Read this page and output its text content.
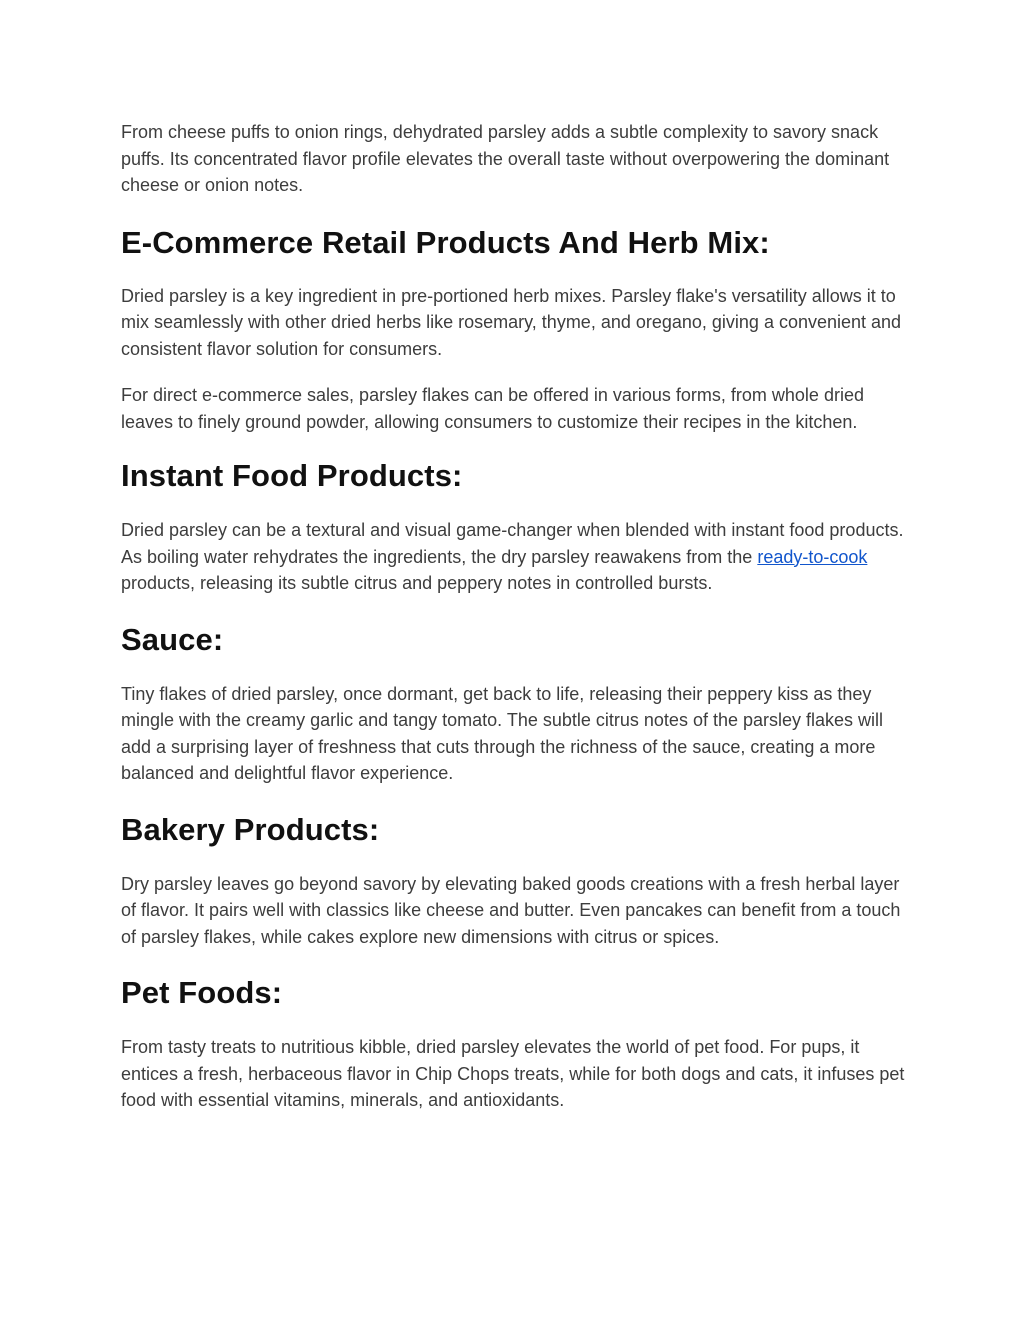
From cheese puffs to onion rings, dehydrated parsley adds a subtle complexity to savory snack puffs. Its concentrated flavor profile elevates the overall taste without overpowering the dominant cheese or onion notes.

E-Commerce Retail Products And Herb Mix:

Dried parsley is a key ingredient in pre-portioned herb mixes. Parsley flake's versatility allows it to mix seamlessly with other dried herbs like rosemary, thyme, and oregano, giving a convenient and consistent flavor solution for consumers.

For direct e-commerce sales, parsley flakes can be offered in various forms, from whole dried leaves to finely ground powder, allowing consumers to customize their recipes in the kitchen.

Instant Food Products:

Dried parsley can be a textural and visual game-changer when blended with instant food products. As boiling water rehydrates the ingredients, the dry parsley reawakens from the ready-to-cook products, releasing its subtle citrus and peppery notes in controlled bursts.

Sauce:

Tiny flakes of dried parsley, once dormant, get back to life, releasing their peppery kiss as they mingle with the creamy garlic and tangy tomato. The subtle citrus notes of the parsley flakes will add a surprising layer of freshness that cuts through the richness of the sauce, creating a more balanced and delightful flavor experience.

Bakery Products:

Dry parsley leaves go beyond savory by elevating baked goods creations with a fresh herbal layer of flavor. It pairs well with classics like cheese and butter. Even pancakes can benefit from a touch of parsley flakes, while cakes explore new dimensions with citrus or spices.

Pet Foods:

From tasty treats to nutritious kibble, dried parsley elevates the world of pet food. For pups, it entices a fresh, herbaceous flavor in Chip Chops treats, while for both dogs and cats, it infuses pet food with essential vitamins, minerals, and antioxidants.
